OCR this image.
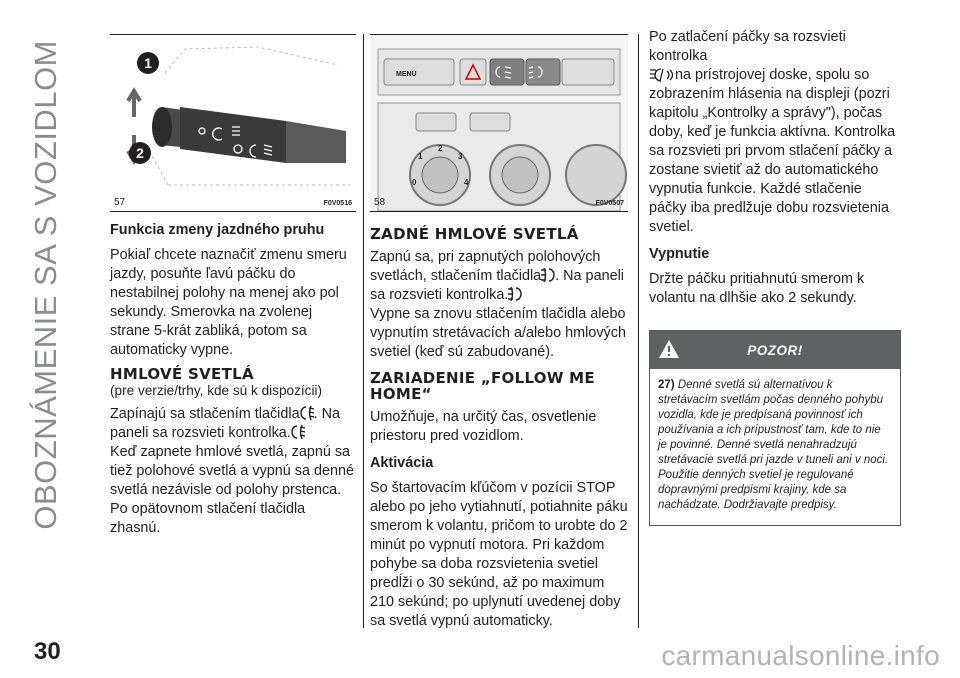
OBOZNÁMENIE SA S VOZIDLOM
30
1
2
57	F0V0516
Funkcia zmeny jazdného pruhu

Pokiaľ chcete naznačiť zmenu smeru jazdy, posuňte ľavú páčku do nestabilnej polohy na menej ako pol sekundy. Smerovka na zvolenej strane 5-krát zabliká, potom sa automaticky vypne.

HMLOVÉ SVETLÁ
(pre verzie/trhy, kde sú k dispozícii)

Zapínajú sa stlačením tlačidla . Na paneli sa rozsvieti kontrolka.

Keď zapnete hmlové svetlá, zapnú sa tiež polohové svetlá a vypnú sa denné svetlá nezávisle od polohy prstenca.

Po opätovnom stlačení tlačidla zhasnú.

MENU
0
1
2
3
4
58	F0V0507
ZADNÉ HMLOVÉ SVETLÁ

Zapnú sa, pri zapnutých polohových svetlách, stlačením tlačidla . Na paneli sa rozsvieti kontrolka.

Vypne sa znovu stlačením tlačidla alebo vypnutím stretávacích a/alebo hmlových svetiel (keď sú zabudované).

ZARIADENIE „FOLLOW ME HOME“

Umožňuje, na určitý čas, osvetlenie priestoru pred vozidlom.

Aktivácia

So štartovacím kľúčom v pozícii STOP alebo po jeho vytiahnutí, potiahnite páku smerom k volantu, pričom to urobte do 2 minút po vypnutí motora. Pri každom pohybe sa doba rozsvietenia svetiel predĺži o 30 sekúnd, až po maximum 210 sekúnd; po uplynutí uvedenej doby sa svetlá vypnú automaticky.

Po zatlačení páčky sa rozsvieti kontrolka
na prístrojovej doske, spolu so zobrazením hlásenia na displeji (pozri kapitolu „Kontrolky a správy"), počas doby, keď je funkcia aktívna. Kontrolka sa rozsvieti pri prvom stlačení páčky a zostane svietiť až do automatického vypnutia funkcie. Každé stlačenie páčky iba predlžuje dobu rozsvietenia svetiel.

Vypnutie

Držte páčku pritiahnutú smerom k volantu na dlhšie ako 2 sekundy.

POZOR!
27) Denné svetlá sú alternatívou k stretávacím svetlám počas denného pohybu vozidla, kde je predpísaná povinnosť ich používania a ich prípustnosť tam, kde to nie je povinné. Denné svetlá nenahradzujú stretávacie svetlá pri jazde v tuneli ani v noci. Použitie denných svetiel je regulované dopravnými predpismi krajiny, kde sa nachádzate. Dodržiavajte predpisy.
carmanualsonline.info
